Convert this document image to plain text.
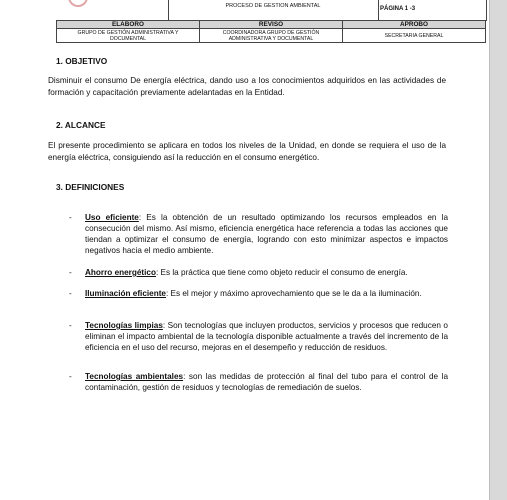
PROCESO DE GESTION AMBIENTAL	PÁGINA 1 -3
ELABORO	REVISO	APROBO
GRUPO DE GESTIÓN ADMINISTRATIVA Y DOCUMENTAL	COORDINADORA GRUPO DE GESTIÓN ADMINISTRATIVA Y DOCUMENTAL	SECRETARIA GENERAL
1. OBJETIVO
Disminuir el consumo De energía eléctrica, dando uso a los conocimientos adquiridos en las actividades de formación y capacitación previamente adelantadas en la Entidad.
2. ALCANCE
El presente procedimiento se aplicara en todos los niveles de la Unidad, en donde se requiera el uso de la energía eléctrica, consiguiendo así la reducción en el consumo energético.
3. DEFINICIONES
- Uso eficiente: Es la obtención de un resultado optimizando los recursos empleados en la consecución del mismo. Así mismo, eficiencia energética hace referencia a todas las acciones que tiendan a optimizar el consumo de energía, logrando con esto minimizar aspectos e impactos negativos hacia el medio ambiente.
- Ahorro energético: Es la práctica que tiene como objeto reducir el consumo de energía.
- Iluminación eficiente: Es el mejor y máximo aprovechamiento que se le da a la iluminación.
- Tecnologías limpias: Son tecnologías que incluyen productos, servicios y procesos que reducen o eliminan el impacto ambiental de la tecnología disponible actualmente a través del incremento de la eficiencia en el uso del recurso, mejoras en el desempeño y reducción de residuos.
- Tecnologías ambientales: son las medidas de protección al final del tubo para el control de la contaminación, gestión de residuos y tecnologías de remediación de suelos.
